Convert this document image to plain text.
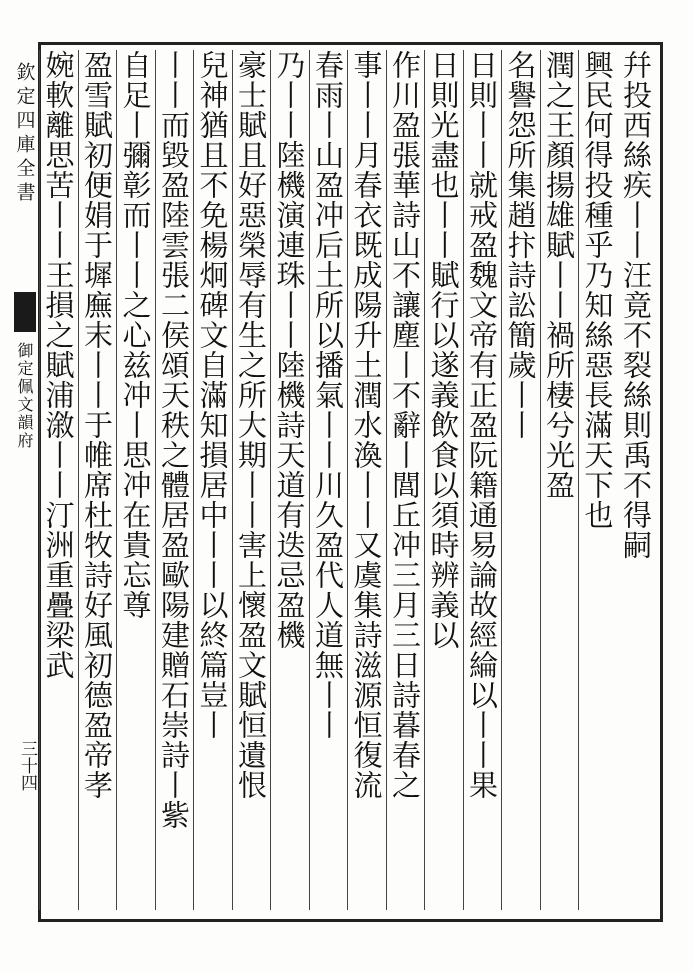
欽定四庫全書
御定佩文韻府
三十四
幷投西絲疾丨丨汪竟不裂絲則禹不得嗣
興民何得投種乎乃知絲惡長滿天下也
潤之王顏揚雄賦丨丨禍所棲兮光盈
名譽怨所集趙抃詩訟簡歲丨丨
日則丨丨就戒盈魏文帝有正盈阮籍通易論故經綸以丨丨果
日則光盡也丨丨賦行以遂義飲食以須時辨義以
作川盈張華詩山不讓塵丨不辭丨閭丘冲三月三日詩暮春之
事丨丨月春衣既成陽升土潤水渙丨丨又虞集詩滋源恒復流
春雨丨山盈冲后土所以播氣丨丨川久盈代人道無丨丨
乃丨丨陸機演連珠丨丨陸機詩天道有迭忌盈機
豪士賦且好惡榮辱有生之所大期丨丨害上懷盈文賦恒遺恨
兒神猶且不免楊炯碑文自滿知損居中丨丨以終篇豈丨
丨丨而毀盈陸雲張二侯頌天秩之體居盈歐陽建贈石崇詩丨紫
自足丨彌彰而丨丨之心兹冲丨思冲在貴忘尊
盈雪賦初便娟于墀廡末丨丨于帷席杜牧詩好風初德盈帝孝
婉軟離思苦丨丨王損之賦浦漵丨丨汀洲重疊梁武
